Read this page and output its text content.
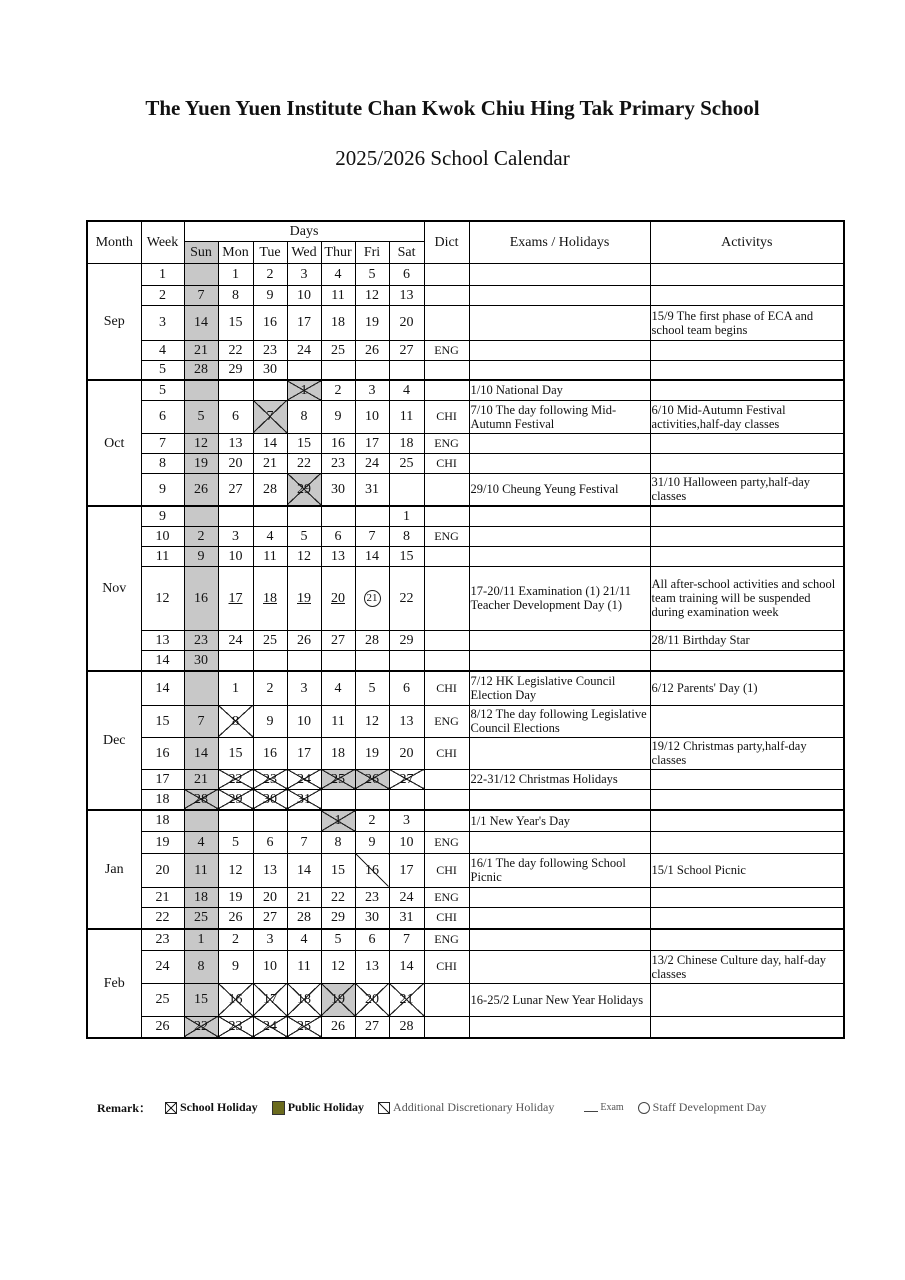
The Yuen Yuen Institute Chan Kwok Chiu Hing Tak Primary School
2025/2026 School Calendar
Month	Week	Days							Dict	Exams / Holidays	Activitys
		Sun	Mon	Tue	Wed	Thur	Fri	Sat			
Sep	1		1	2	3	4	5	6			
	2	7	8	9	10	11	12	13			
	3	14	15	16	17	18	19	20			15/9 The first phase of ECA and school team begins
	4	21	22	23	24	25	26	27	ENG		
	5	28	29	30							
Oct	5				1	2	3	4		1/10 National Day	
	6	5	6	7	8	9	10	11	CHI	7/10 The day following Mid-Autumn Festival	6/10 Mid-Autumn Festival activities,half-day classes
	7	12	13	14	15	16	17	18	ENG		
	8	19	20	21	22	23	24	25	CHI		
	9	26	27	28	29	30	31			29/10 Cheung Yeung Festival	31/10 Halloween party,half-day classes
Nov	9							1			
	10	2	3	4	5	6	7	8	ENG		
	11	9	10	11	12	13	14	15			
	12	16	17	18	19	20	21	22		17-20/11 Examination (1) 21/11 Teacher Development Day (1)	All after-school activities and school team training will be suspended during examination week
	13	23	24	25	26	27	28	29			28/11 Birthday Star
	14	30									
Dec	14		1	2	3	4	5	6	CHI	7/12 HK Legislative Council Election Day	6/12 Parents' Day (1)
	15	7	8	9	10	11	12	13	ENG	8/12 The day following Legislative Council Elections	
	16	14	15	16	17	18	19	20	CHI		19/12 Christmas party,half-day classes
	17	21	22	23	24	25	26	27		22-31/12 Christmas Holidays	
	18	28	29	30	31						
Jan	18					1	2	3		1/1 New Year's Day	
	19	4	5	6	7	8	9	10	ENG		
	20	11	12	13	14	15	16	17	CHI	16/1 The day following School Picnic	15/1 School Picnic
	21	18	19	20	21	22	23	24	ENG		
	22	25	26	27	28	29	30	31	CHI		
Feb	23	1	2	3	4	5	6	7	ENG		
	24	8	9	10	11	12	13	14	CHI		13/2 Chinese Culture day, half-day classes
	25	15	16	17	18	19	20	21		16-25/2 Lunar New Year Holidays	
	26	22	23	24	25	26	27	28			
Remark： School Holiday	Public Holiday Additional Discretionary Holiday	Exam Staff Development Day
